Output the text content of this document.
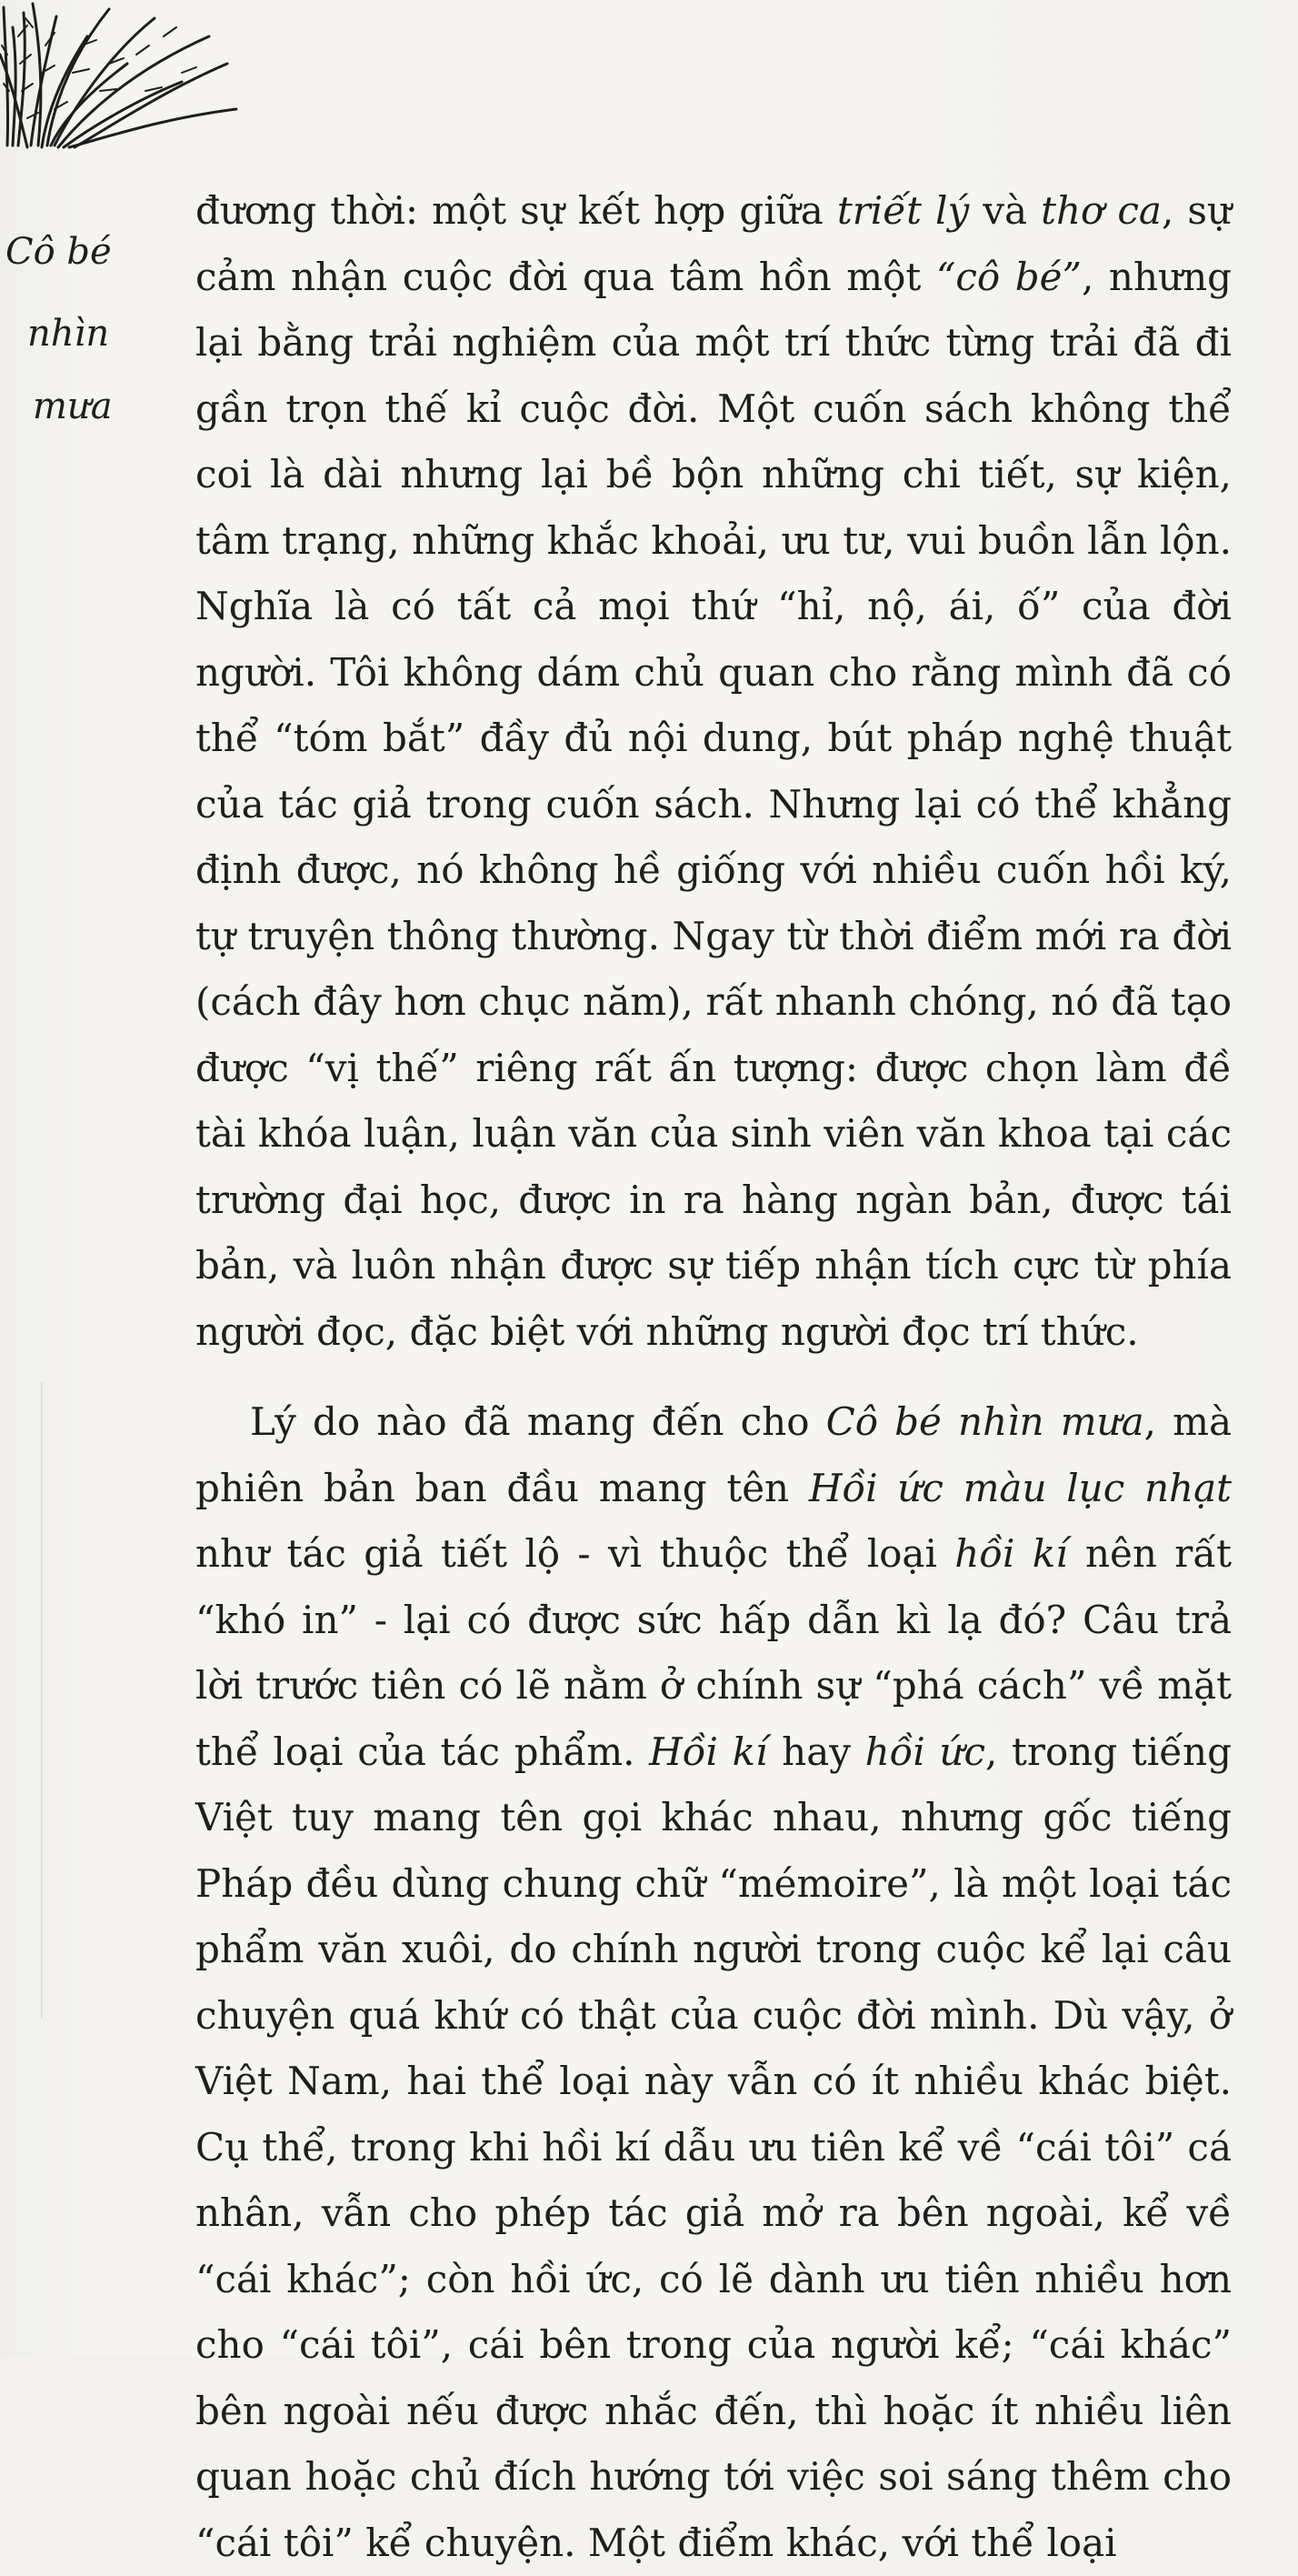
Cô bé
nhìn
mưa

đương thời: một sự kết hợp giữa triết lý và thơ ca, sự cảm nhận cuộc đời qua tâm hồn một “cô bé”, nhưng lại bằng trải nghiệm của một trí thức từng trải đã đi gần trọn thế kỉ cuộc đời. Một cuốn sách không thể coi là dài nhưng lại bề bộn những chi tiết, sự kiện, tâm trạng, những khắc khoải, ưu tư, vui buồn lẫn lộn. Nghĩa là có tất cả mọi thứ “hỉ, nộ, ái, ố” của đời người. Tôi không dám chủ quan cho rằng mình đã có thể “tóm bắt” đầy đủ nội dung, bút pháp nghệ thuật của tác giả trong cuốn sách. Nhưng lại có thể khẳng định được, nó không hề giống với nhiều cuốn hồi ký, tự truyện thông thường. Ngay từ thời điểm mới ra đời (cách đây hơn chục năm), rất nhanh chóng, nó đã tạo được “vị thế” riêng rất ấn tượng: được chọn làm đề tài khóa luận, luận văn của sinh viên văn khoa tại các trường đại học, được in ra hàng ngàn bản, được tái bản, và luôn nhận được sự tiếp nhận tích cực từ phía người đọc, đặc biệt với những người đọc trí thức.

Lý do nào đã mang đến cho Cô bé nhìn mưa, mà phiên bản ban đầu mang tên Hồi ức màu lục nhạt như tác giả tiết lộ - vì thuộc thể loại hồi kí nên rất “khó in” - lại có được sức hấp dẫn kì lạ đó? Câu trả lời trước tiên có lẽ nằm ở chính sự “phá cách” về mặt thể loại của tác phẩm. Hồi kí hay hồi ức, trong tiếng Việt tuy mang tên gọi khác nhau, nhưng gốc tiếng Pháp đều dùng chung chữ “mémoire”, là một loại tác phẩm văn xuôi, do chính người trong cuộc kể lại câu chuyện quá khứ có thật của cuộc đời mình. Dù vậy, ở Việt Nam, hai thể loại này vẫn có ít nhiều khác biệt. Cụ thể, trong khi hồi kí dẫu ưu tiên kể về “cái tôi” cá nhân, vẫn cho phép tác giả mở ra bên ngoài, kể về “cái khác”; còn hồi ức, có lẽ dành ưu tiên nhiều hơn cho “cái tôi”, cái bên trong của người kể; “cái khác” bên ngoài nếu được nhắc đến, thì hoặc ít nhiều liên quan hoặc chủ đích hướng tới việc soi sáng thêm cho “cái tôi” kể chuyện. Một điểm khác, với thể loại
